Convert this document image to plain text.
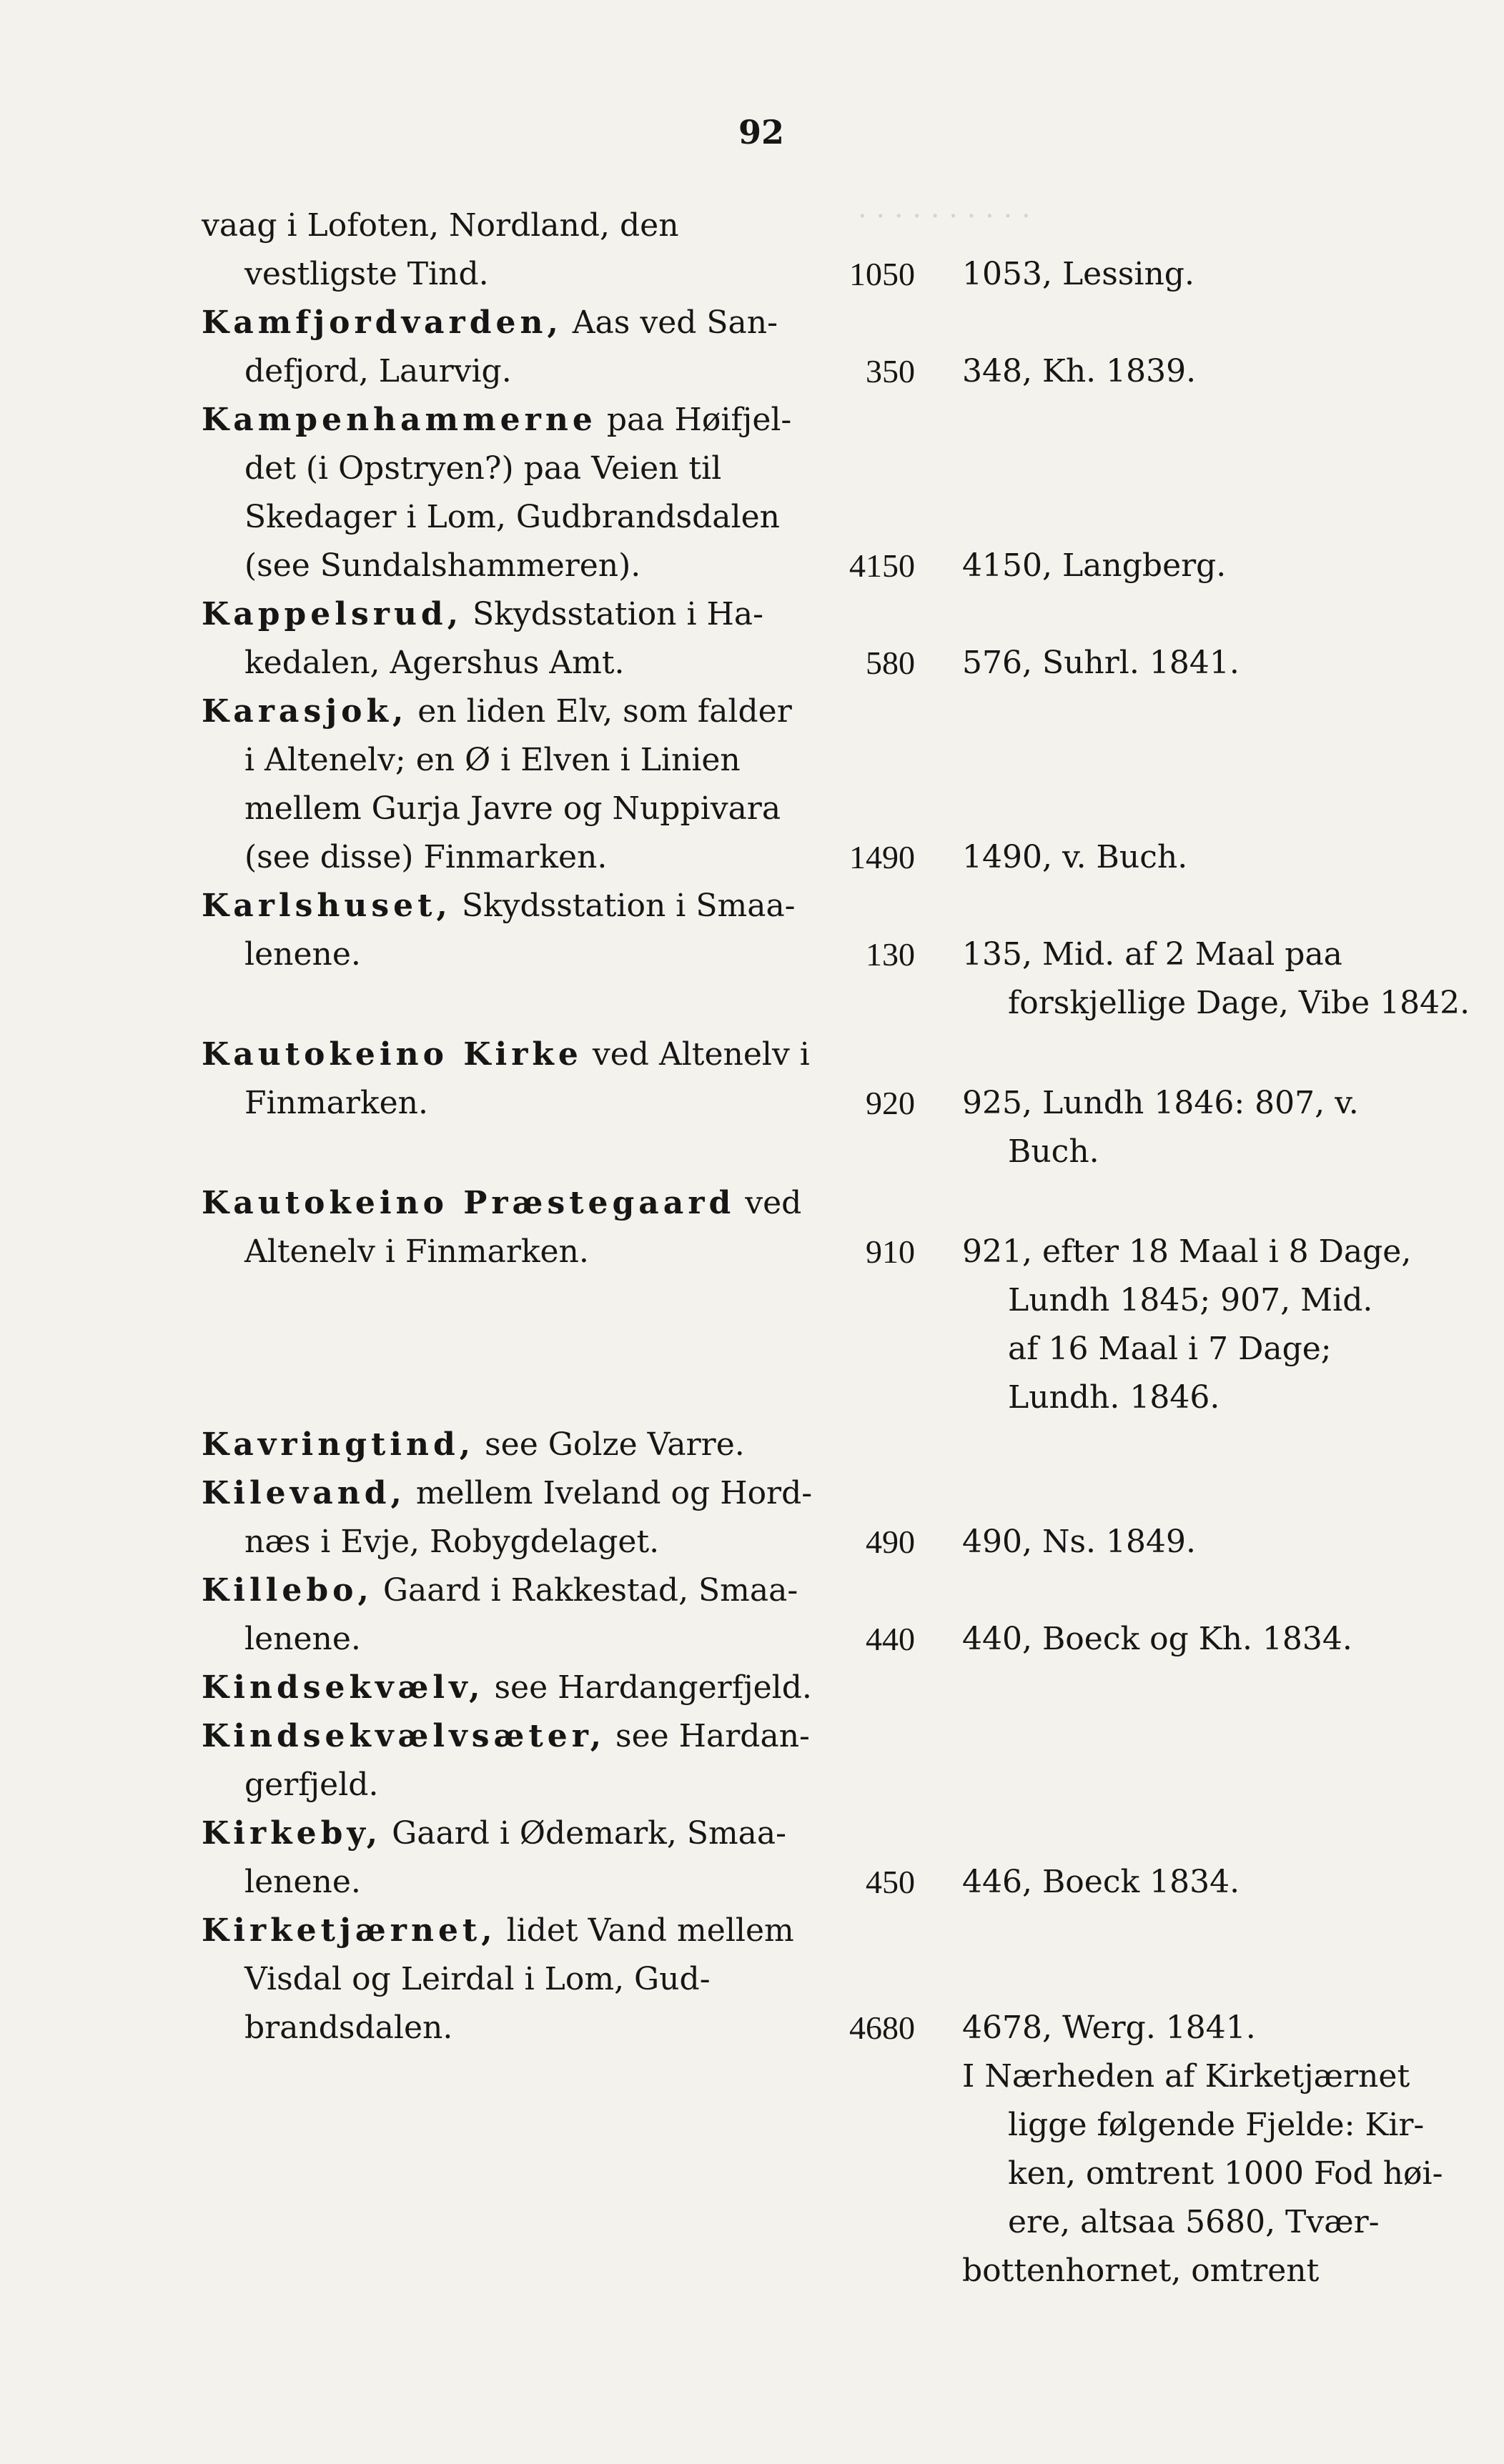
92
· · · · · · · · · ·
vaag i Lofoten, Nordland, den
vestligste Tind.	1050 1053, Lessing.
Kamfjordvarden, Aas ved San-
defjord, Laurvig.	350 348, Kh. 1839.
Kampenhammerne paa Høifjel-
det (i Opstryen?) paa Veien til
Skedager i Lom, Gudbrandsdalen
(see Sundalshammeren).	4150 4150, Langberg.
Kappelsrud, Skydsstation i Ha-
kedalen, Agershus Amt.	580 576, Suhrl. 1841.
Karasjok, en liden Elv, som falder
i Altenelv; en Ø i Elven i Linien
mellem Gurja Javre og Nuppivara
(see disse) Finmarken.	1490 1490, v. Buch.
Karlshuset, Skydsstation i Smaa-
lenene.	130 135, Mid. af 2 Maal paa
forskjellige Dage, Vibe 1842.
Kautokeino Kirke ved Altenelv i
Finmarken.	920 925, Lundh 1846: 807, v.
Buch.
Kautokeino Præstegaard ved
Altenelv i Finmarken.	910 921, efter 18 Maal i 8 Dage,
Lundh 1845; 907, Mid.
af 16 Maal i 7 Dage;
Lundh. 1846.
Kavringtind, see Golze Varre.
Kilevand, mellem Iveland og Hord-
næs i Evje, Robygdelaget.	490 490, Ns. 1849.
Killebo, Gaard i Rakkestad, Smaa-
lenene.	440 440, Boeck og Kh. 1834.
Kindsekvælv, see Hardangerfjeld.
Kindsekvælvsæter, see Hardan-
gerfjeld.
Kirkeby, Gaard i Ødemark, Smaa-
lenene.	450 446, Boeck 1834.
Kirketjærnet, lidet Vand mellem
Visdal og Leirdal i Lom, Gud-
brandsdalen.	4680 4678, Werg. 1841.
I Nærheden af Kirketjærnet
ligge følgende Fjelde: Kir-
ken, omtrent 1000 Fod høi-
ere, altsaa 5680, Tvær-
bottenhornet, omtrent
